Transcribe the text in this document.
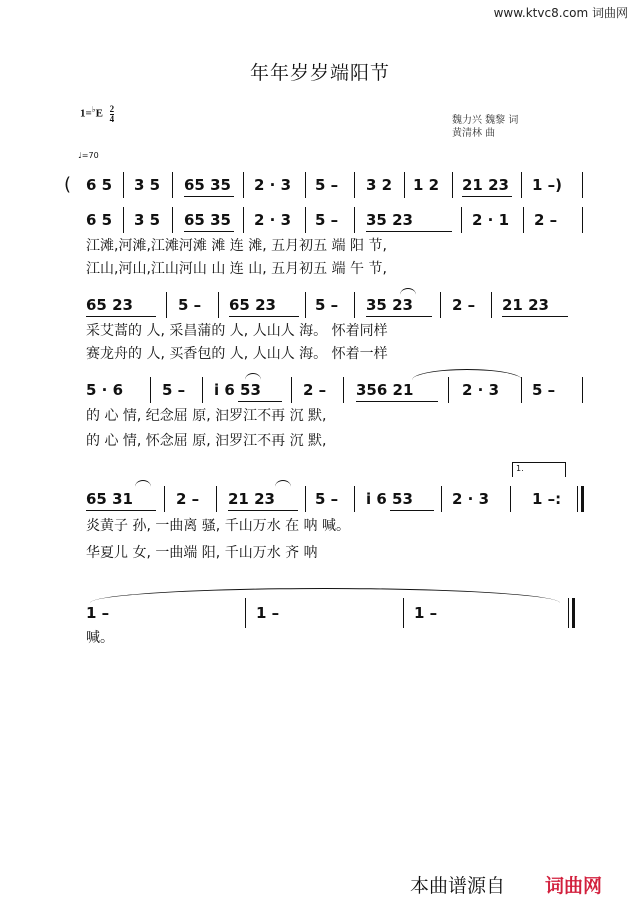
www.ktvc8.com 词曲网
年年岁岁端阳节
$1=^♭E \frac{2}{4}$
♩=70
魏力兴 魏黎 词
黄清林 曲
( 6 5 3 5 65 35 2 · 3 5 – 3 2 1 2 21 23 1 –)
6 5 3 5 65 35 2 · 3 5 – 35 23	2 · 1 2 –
江滩,河滩,江滩河滩 滩 连 滩, 五月初五 端 阳 节,
江山,河山,江山河山 山 连 山, 五月初五 端 午 节,
65 23	5 – 65 23	5 – 35 23	2 – 21 23
采艾蒿的 人, 采昌蒲的 人, 人山人 海。 怀着同样
赛龙舟的 人, 买香包的 人, 人山人 海。 怀着一样
5 · 6	5 – i 6 53	2 – 356 21	2 · 3 5 –
的 心 情, 纪念屈 原, 汩罗江不再 沉 默,
的 心 情, 怀念屈 原, 汩罗江不再 沉 默,
1.
65 31	2 – 21 23	5 – i 6 53	2 · 3	1 –:
炎黄子 孙, 一曲离 骚, 千山万水 在 呐 喊。
华夏儿 女, 一曲端 阳, 千山万水 齐 呐
1 –	1 –	1 –
喊。
本曲谱源自 词曲网
